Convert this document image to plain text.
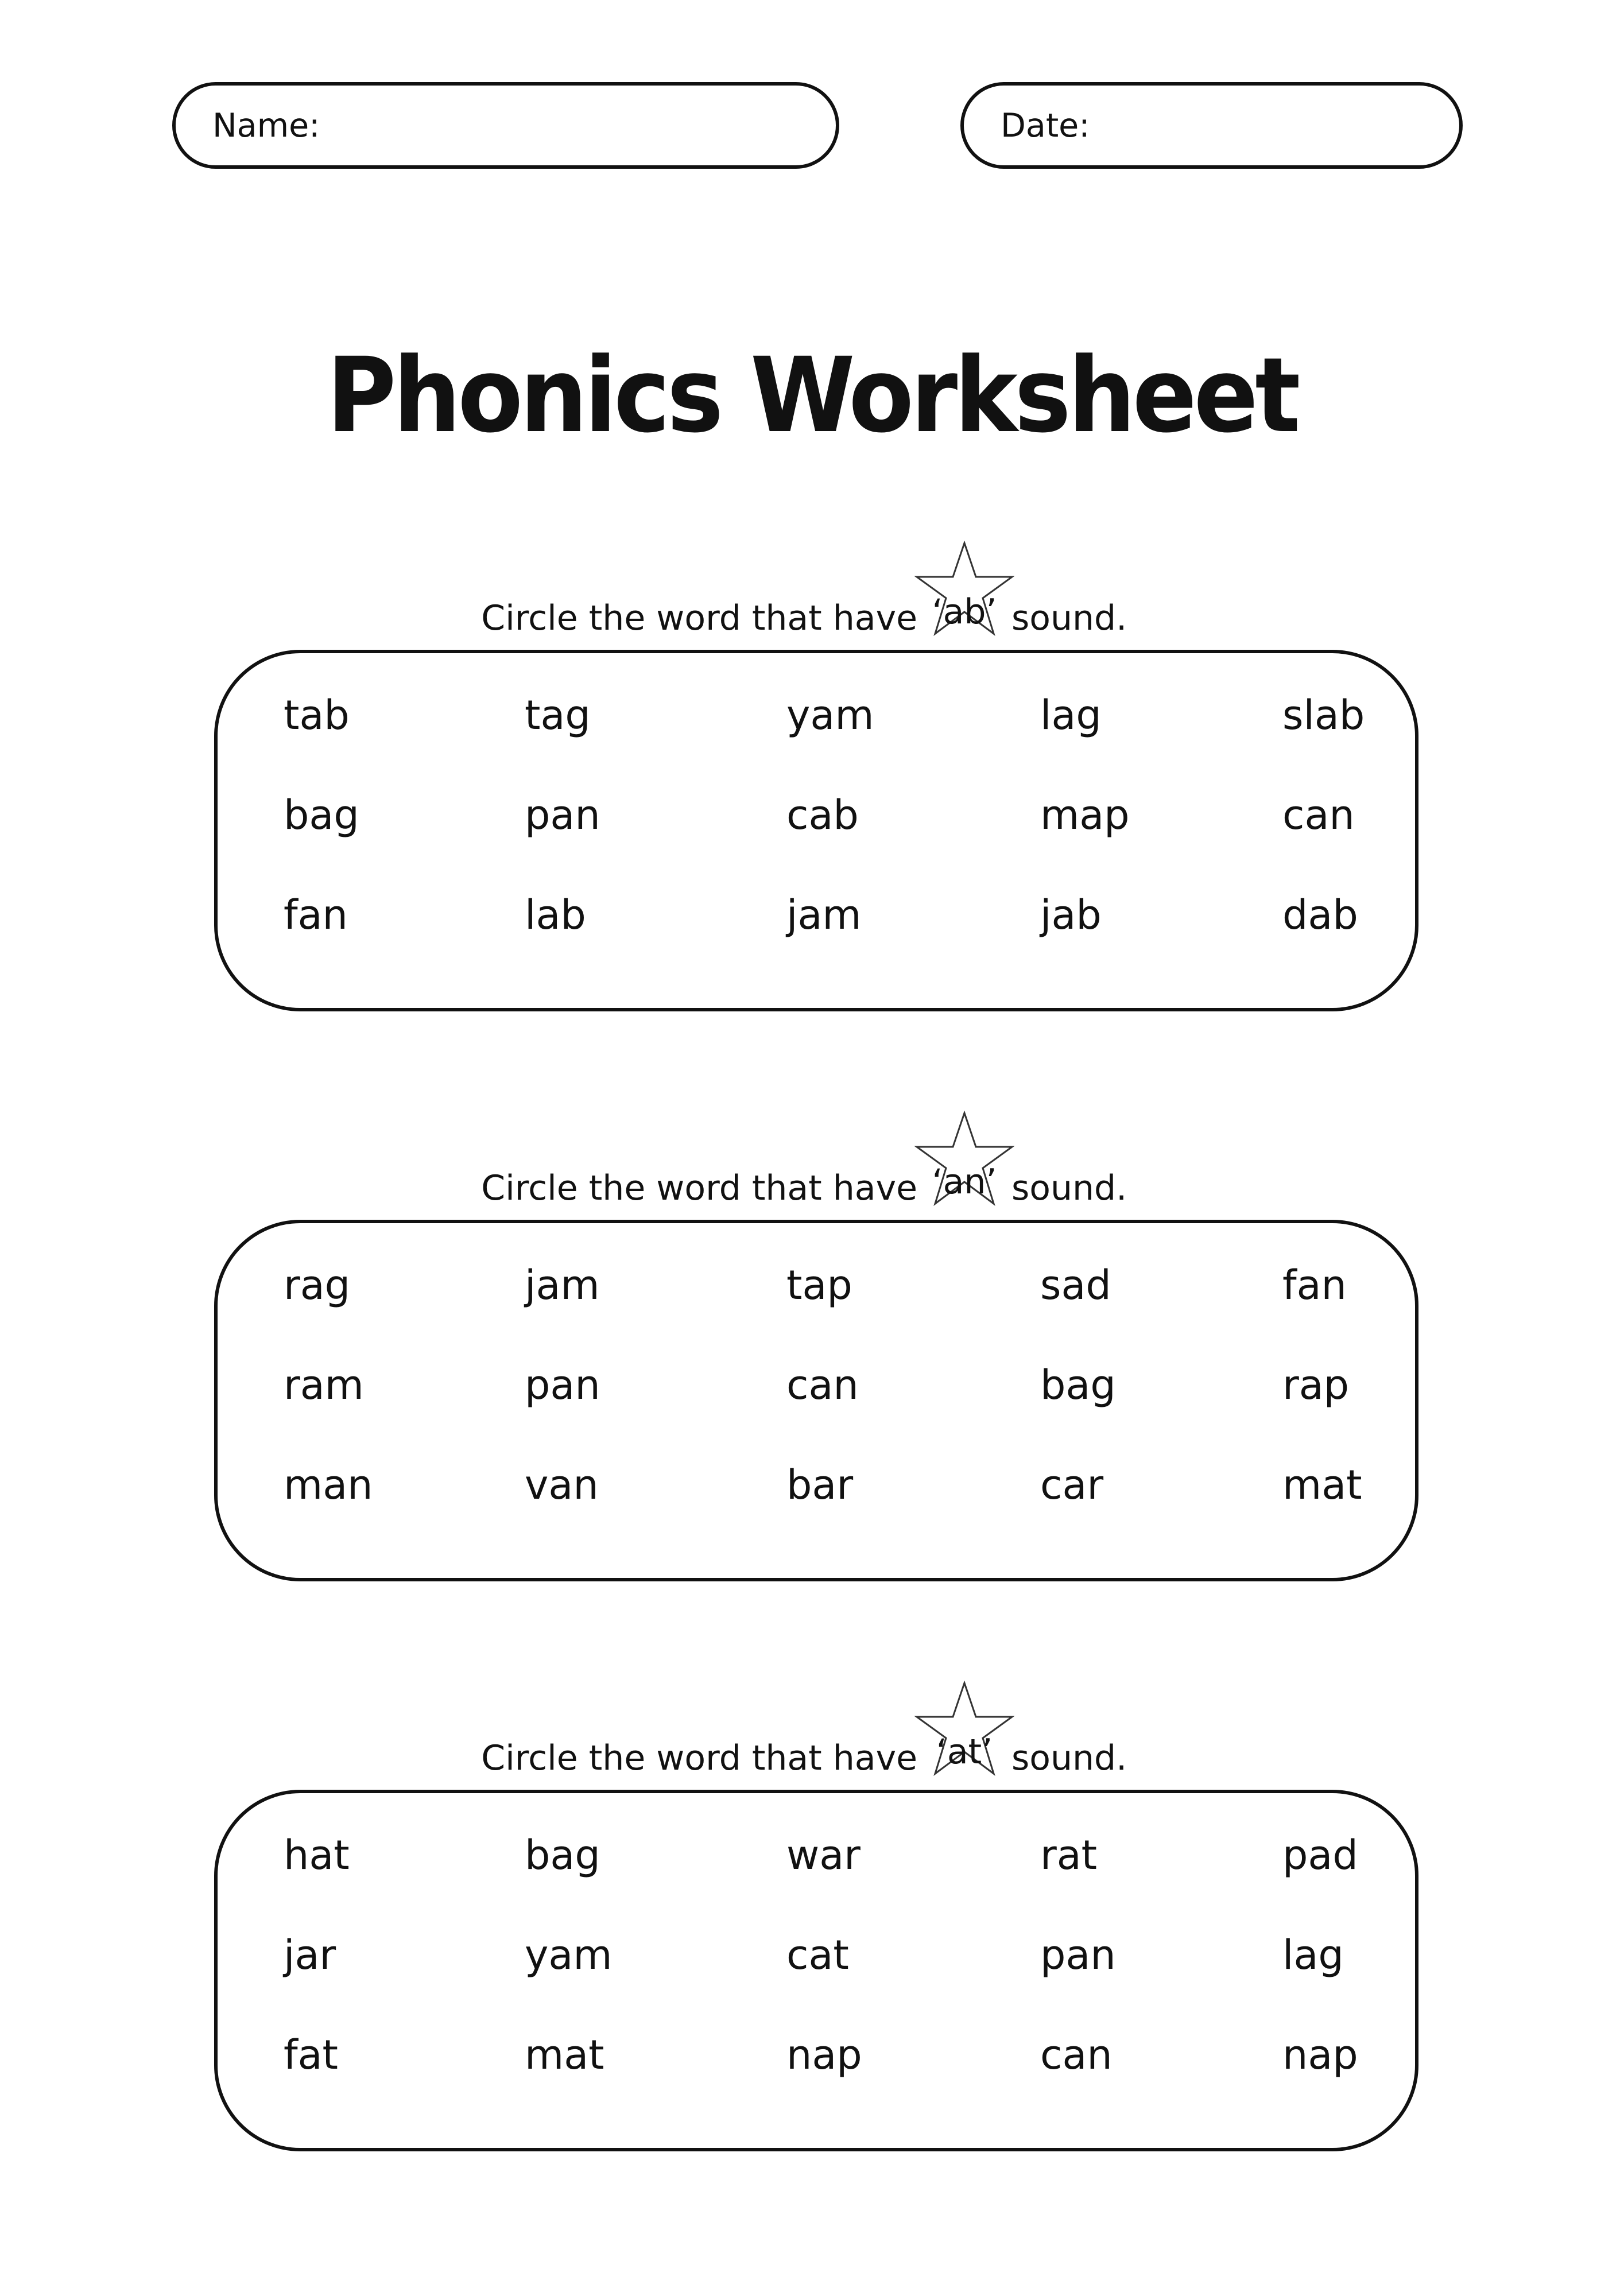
Name:	Date:
Phonics Worksheet
Circle the word that have ‘ab’ sound.
tab	tag	yam	lag	slab
bag	pan	cab	map	can
fan	lab	jam	jab	dab
Circle the word that have ‘an’ sound.
rag	jam	tap	sad	fan
ram	pan	can	bag	rap
man	van	bar	car	mat
Circle the word that have ‘at’ sound.
hat	bag	war	rat	pad
jar	yam	cat	pan	lag
fat	mat	nap	can	nap
